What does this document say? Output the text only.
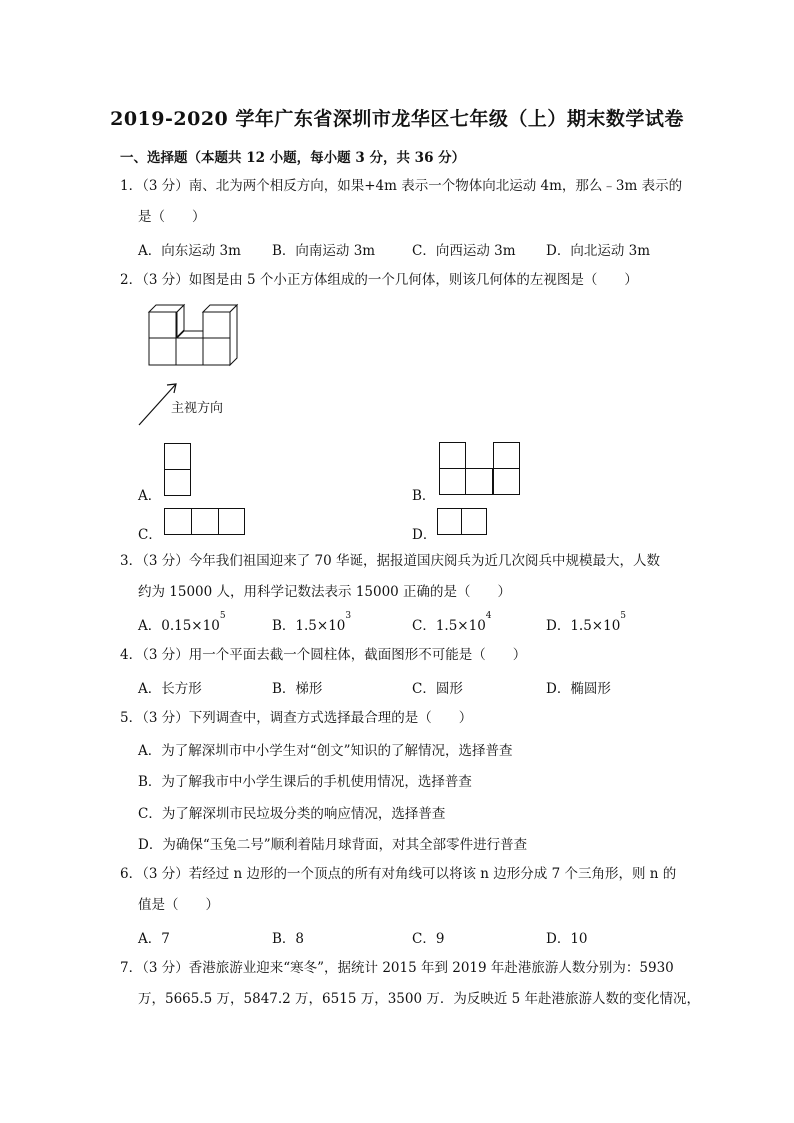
2019-2020 学年广东省深圳市龙华区七年级（上）期末数学试卷
一、选择题（本题共 12 小题，每小题 3 分，共 36 分）
1．（3 分）南、北为两个相反方向，如果+4m 表示一个物体向北运动 4m，那么﹣3m 表示的
是（　　）
A．向东运动 3m B．向南运动 3m	C．向西运动 3m D．向北运动 3m
2．（3 分）如图是由 5 个小正方体组成的一个几何体，则该几何体的左视图是（　　）
主视方向
A．	B．
C．	D．
3．（3 分）今年我们祖国迎来了 70 华诞，据报道国庆阅兵为近几次阅兵中规模最大，人数
约为 15000 人，用科学记数法表示 15000 正确的是（　　）
A．$0.15\times 10^5$
B．$1.5\times 10^3$
C．$1.5\times 10^4$
D．$1.5\times 10^5$
4．（3 分）用一个平面去截一个圆柱体，截面图形不可能是（　　）
A．长方形	B．梯形	C．圆形	D．椭圆形
5．（3 分）下列调查中，调查方式选择最合理的是（　　）
A．为了解深圳市中小学生对“创文”知识的了解情况，选择普查
B．为了解我市中小学生课后的手机使用情况，选择普查
C．为了解深圳市民垃圾分类的响应情况，选择普查
D．为确保“玉兔二号”顺利着陆月球背面，对其全部零件进行普查
6．（3 分）若经过 n 边形的一个顶点的所有对角线可以将该 n 边形分成 7 个三角形，则 n 的
值是（　　）
A．7	B．8	C．9	D．10
7．（3 分）香港旅游业迎来“寒冬”，据统计 2015 年到 2019 年赴港旅游人数分别为：5930
万，5665.5 万，5847.2 万，6515 万，3500 万．为反映近 5 年赴港旅游人数的变化情况，
